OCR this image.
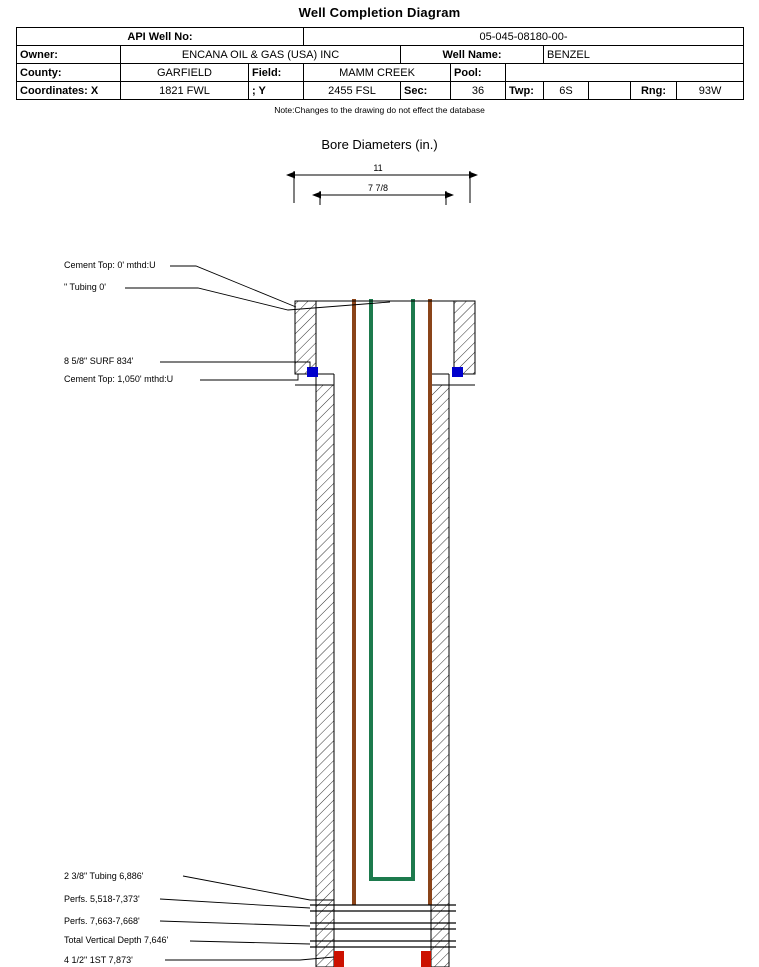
Well Completion Diagram
API Well No:			05-045-08180-00-							
Owner:	ENCANA OIL & GAS (USA) INC			Well Name:			BENZEL			
County:	GARFIELD	Field:	MAMM CREEK		Pool:					
Coordinates: X	1821 FWL	; Y	2455 FSL	Sec:	36	Twp:	6S		Rng:	93W
Note:Changes to the drawing do not effect the database
Bore Diameters (in.)
11
7 7/8
Cement Top: 0' mthd:U
" Tubing 0'
8 5/8" SURF 834'
Cement Top: 1,050' mthd:U
2 3/8" Tubing 6,886'
Perfs. 5,518-7,373'
Perfs. 7,663-7,668'
Total Vertical Depth 7,646'
4 1/2" 1ST 7,873'
